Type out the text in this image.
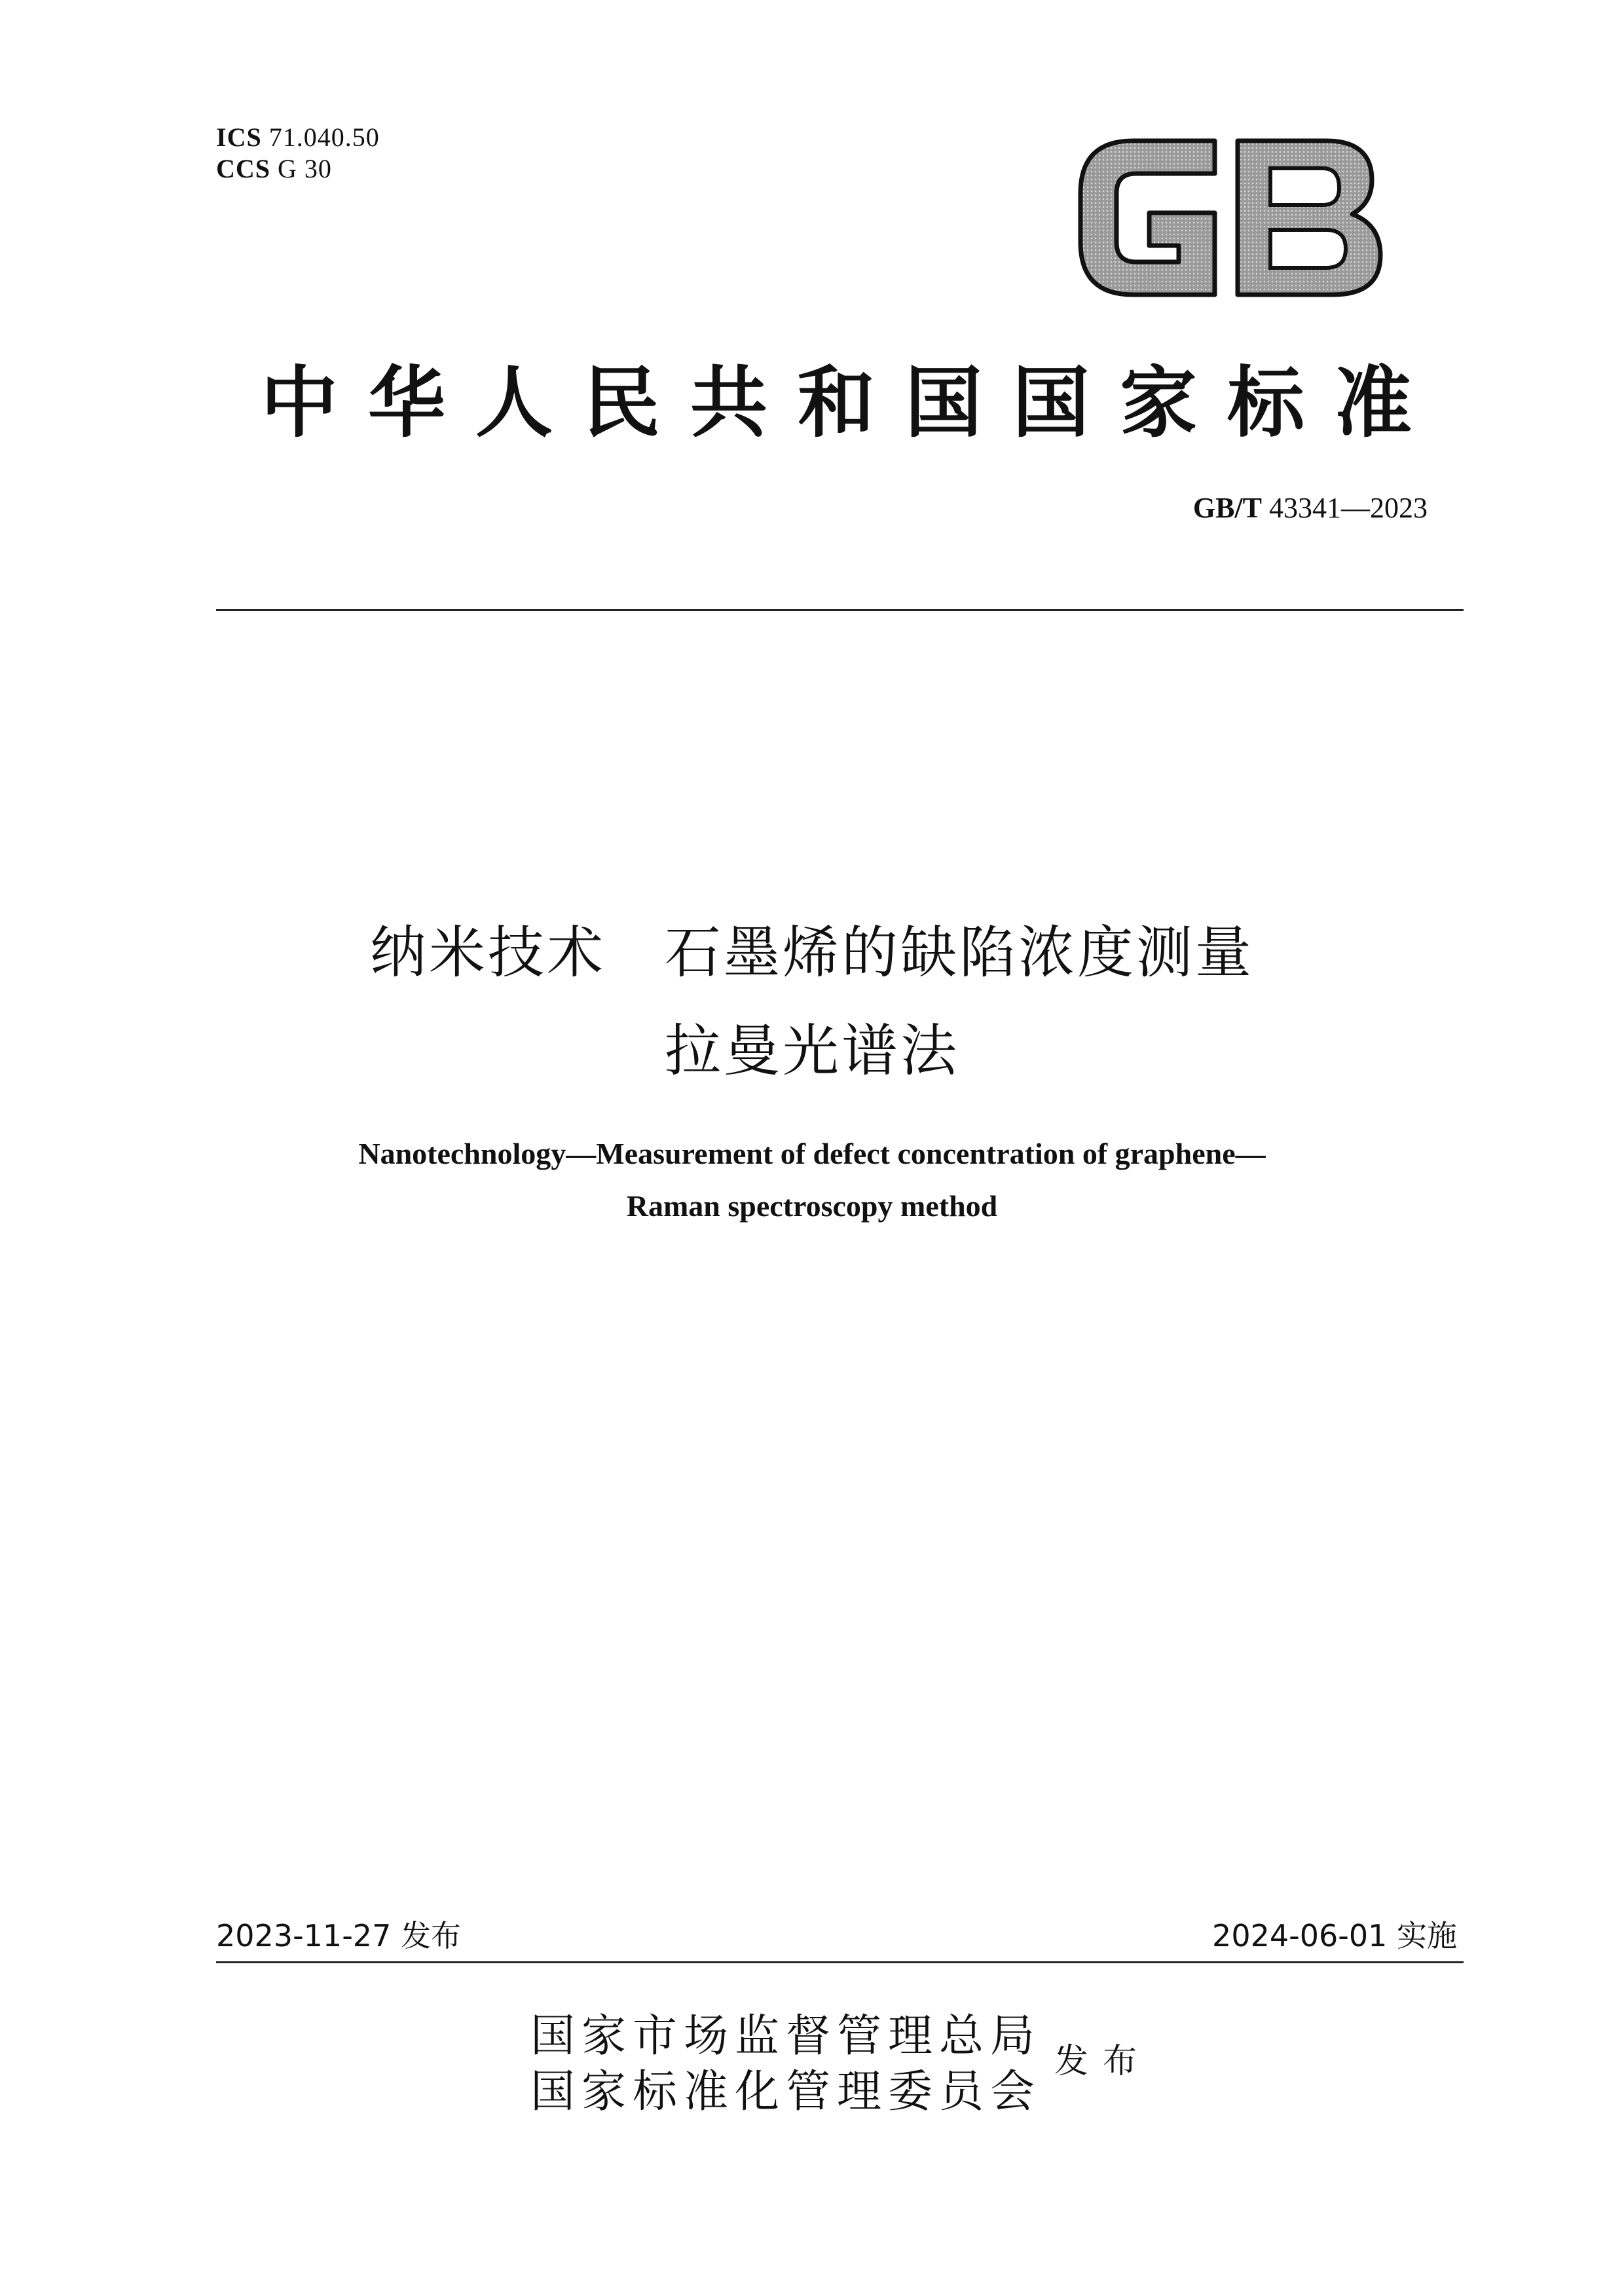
ICS 71.040.50
CCS G 30
GB
中华人民共和国国家标准
GB/T 43341—2023
纳米技术 石墨烯的缺陷浓度测量
拉曼光谱法
Nanotechnology—Measurement of defect concentration of graphene—
Raman spectroscopy method
2023-11-27 发布	2024-06-01 实施
国家市场监督管理总局
国家标准化管理委员会
发布
